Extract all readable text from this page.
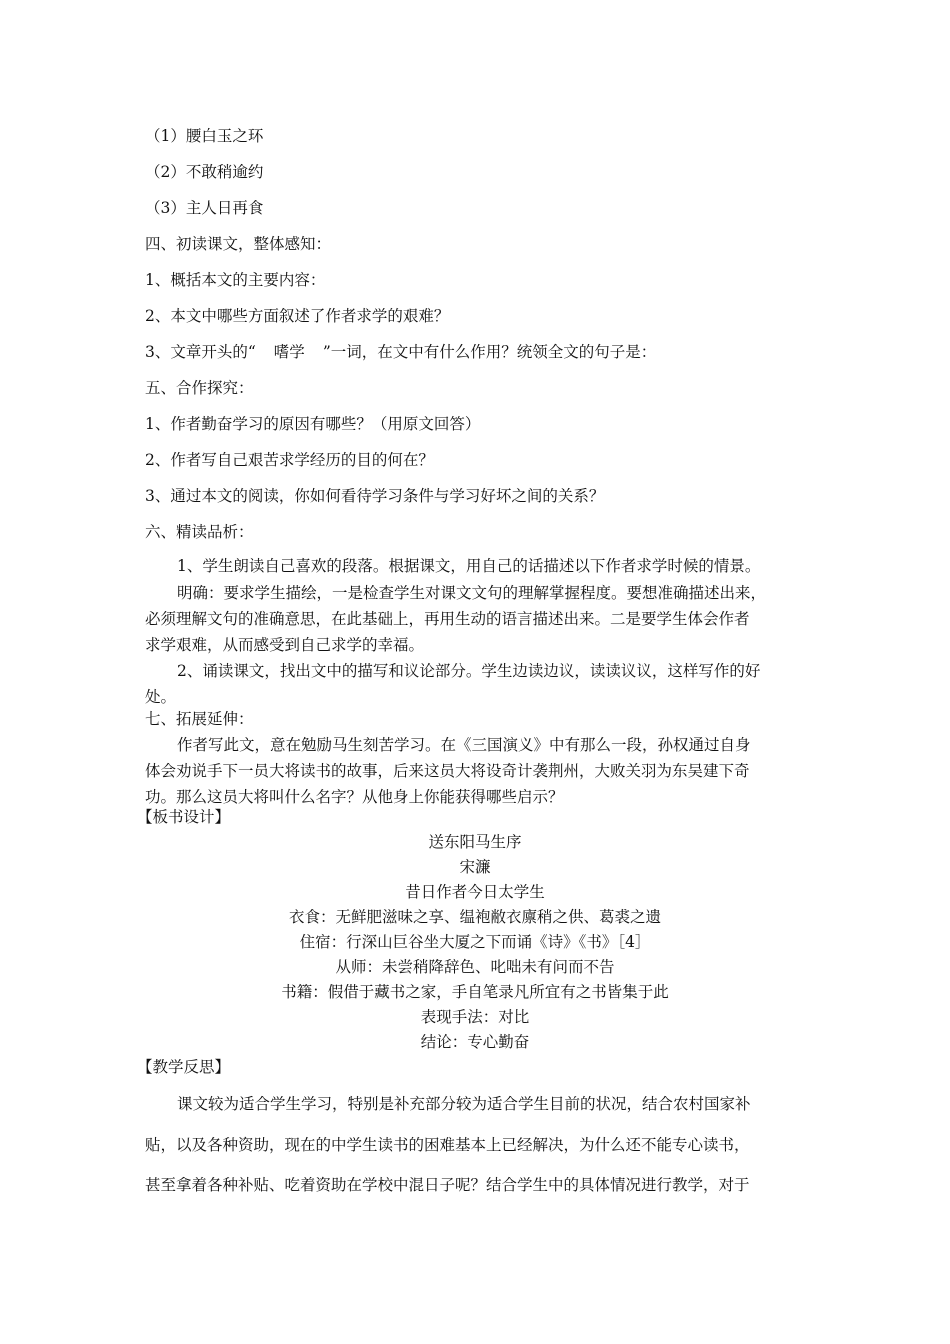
（1）腰白玉之环
（2）不敢稍逾约
（3）主人日再食
四、初读课文，整体感知：
1、概括本文的主要内容：
2、本文中哪些方面叙述了作者求学的艰难？
3、文章开头的“ 嗜学 ”一词，在文中有什么作用？统领全文的句子是：
五、合作探究：
1、作者勤奋学习的原因有哪些？（用原文回答）
2、作者写自己艰苦求学经历的目的何在？
3、通过本文的阅读，你如何看待学习条件与学习好坏之间的关系？
六、精读品析：
1、学生朗读自己喜欢的段落。根据课文，用自己的话描述以下作者求学时候的情景。
明确：要求学生描绘，一是检查学生对课文文句的理解掌握程度。要想准确描述出来，
必须理解文句的准确意思，在此基础上，再用生动的语言描述出来。二是要学生体会作者
求学艰难，从而感受到自己求学的幸福。
2、诵读课文，找出文中的描写和议论部分。学生边读边议，读读议议，这样写作的好
处。
七、拓展延伸：
作者写此文，意在勉励马生刻苦学习。在《三国演义》中有那么一段，孙权通过自身
体会劝说手下一员大将读书的故事，后来这员大将设奇计袭荆州，大败关羽为东吴建下奇
功。那么这员大将叫什么名字？从他身上你能获得哪些启示？
【板书设计】
送东阳马生序
宋濂
昔日作者今日太学生
衣食：无鲜肥滋味之享、缊袍敝衣廪稍之供、葛裘之遗
住宿：行深山巨谷坐大厦之下而诵《诗》《书》［4］
从师：未尝稍降辞色、叱咄未有问而不告
书籍：假借于藏书之家，手自笔录凡所宜有之书皆集于此
表现手法：对比
结论：专心勤奋
【教学反思】
课文较为适合学生学习，特别是补充部分较为适合学生目前的状况，结合农村国家补
贴，以及各种资助，现在的中学生读书的困难基本上已经解决，为什么还不能专心读书，
甚至拿着各种补贴、吃着资助在学校中混日子呢？结合学生中的具体情况进行教学，对于
